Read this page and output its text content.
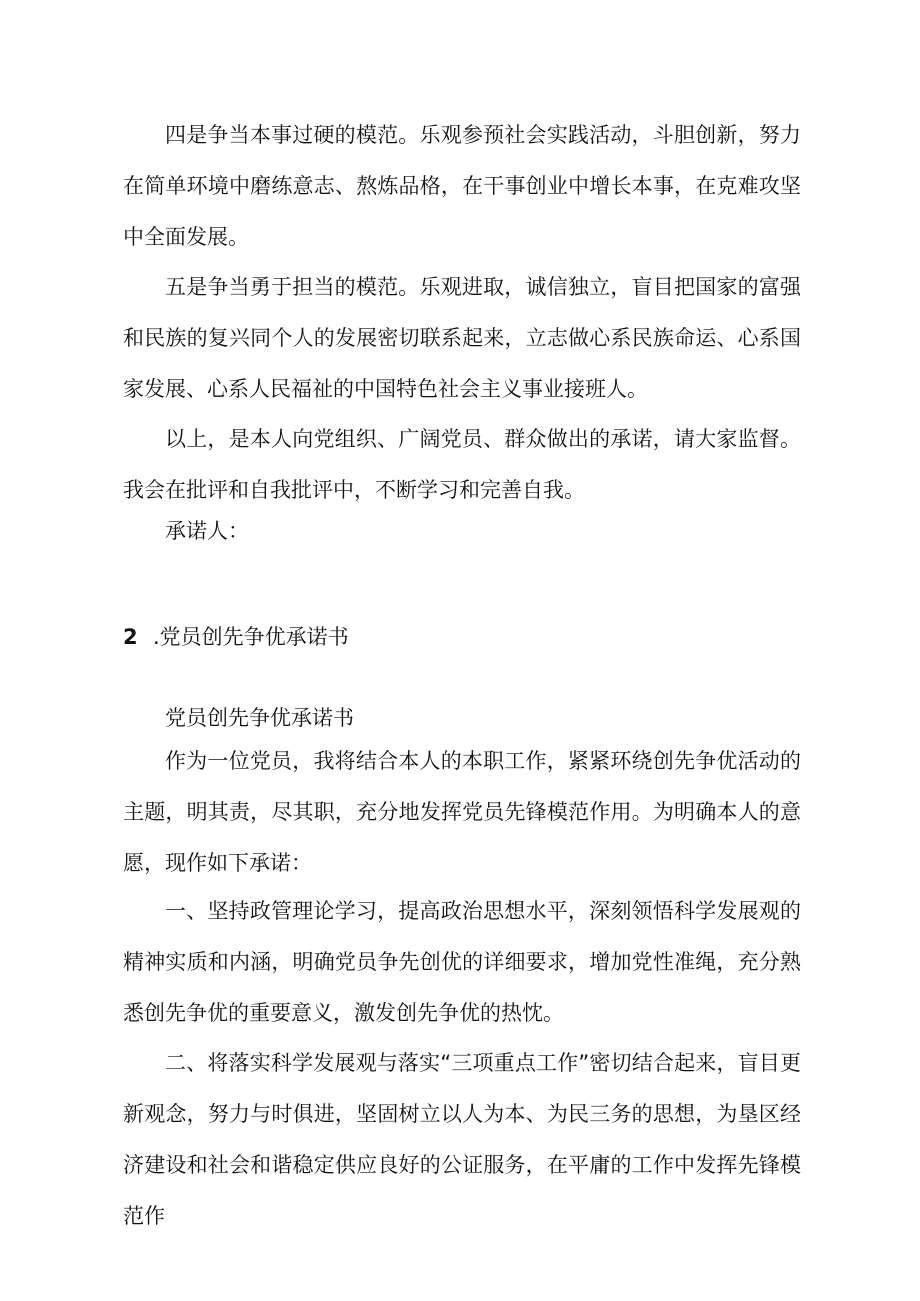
四是争当本事过硬的模范。乐观参预社会实践活动，斗胆创新，努力在简单环境中磨练意志、熬炼品格，在干事创业中增长本事，在克难攻坚中全面发展。

五是争当勇于担当的模范。乐观进取，诚信独立，盲目把国家的富强和民族的复兴同个人的发展密切联系起来，立志做心系民族命运、心系国家发展、心系人民福祉的中国特色社会主义事业接班人。

以上，是本人向党组织、广阔党员、群众做出的承诺，请大家监督。我会在批评和自我批评中，不断学习和完善自我。

承诺人：

2 .党员创先争优承诺书
党员创先争优承诺书

作为一位党员，我将结合本人的本职工作，紧紧环绕创先争优活动的主题，明其责，尽其职，充分地发挥党员先锋模范作用。为明确本人的意愿，现作如下承诺：

一、坚持政管理论学习，提高政治思想水平，深刻领悟科学发展观的精神实质和内涵，明确党员争先创优的详细要求，增加党性准绳，充分熟悉创先争优的重要意义，激发创先争优的热忱。

二、将落实科学发展观与落实“三项重点工作”密切结合起来，盲目更新观念，努力与时俱进，坚固树立以人为本、为民三务的思想，为垦区经济建设和社会和谐稳定供应良好的公证服务，在平庸的工作中发挥先锋模范作
